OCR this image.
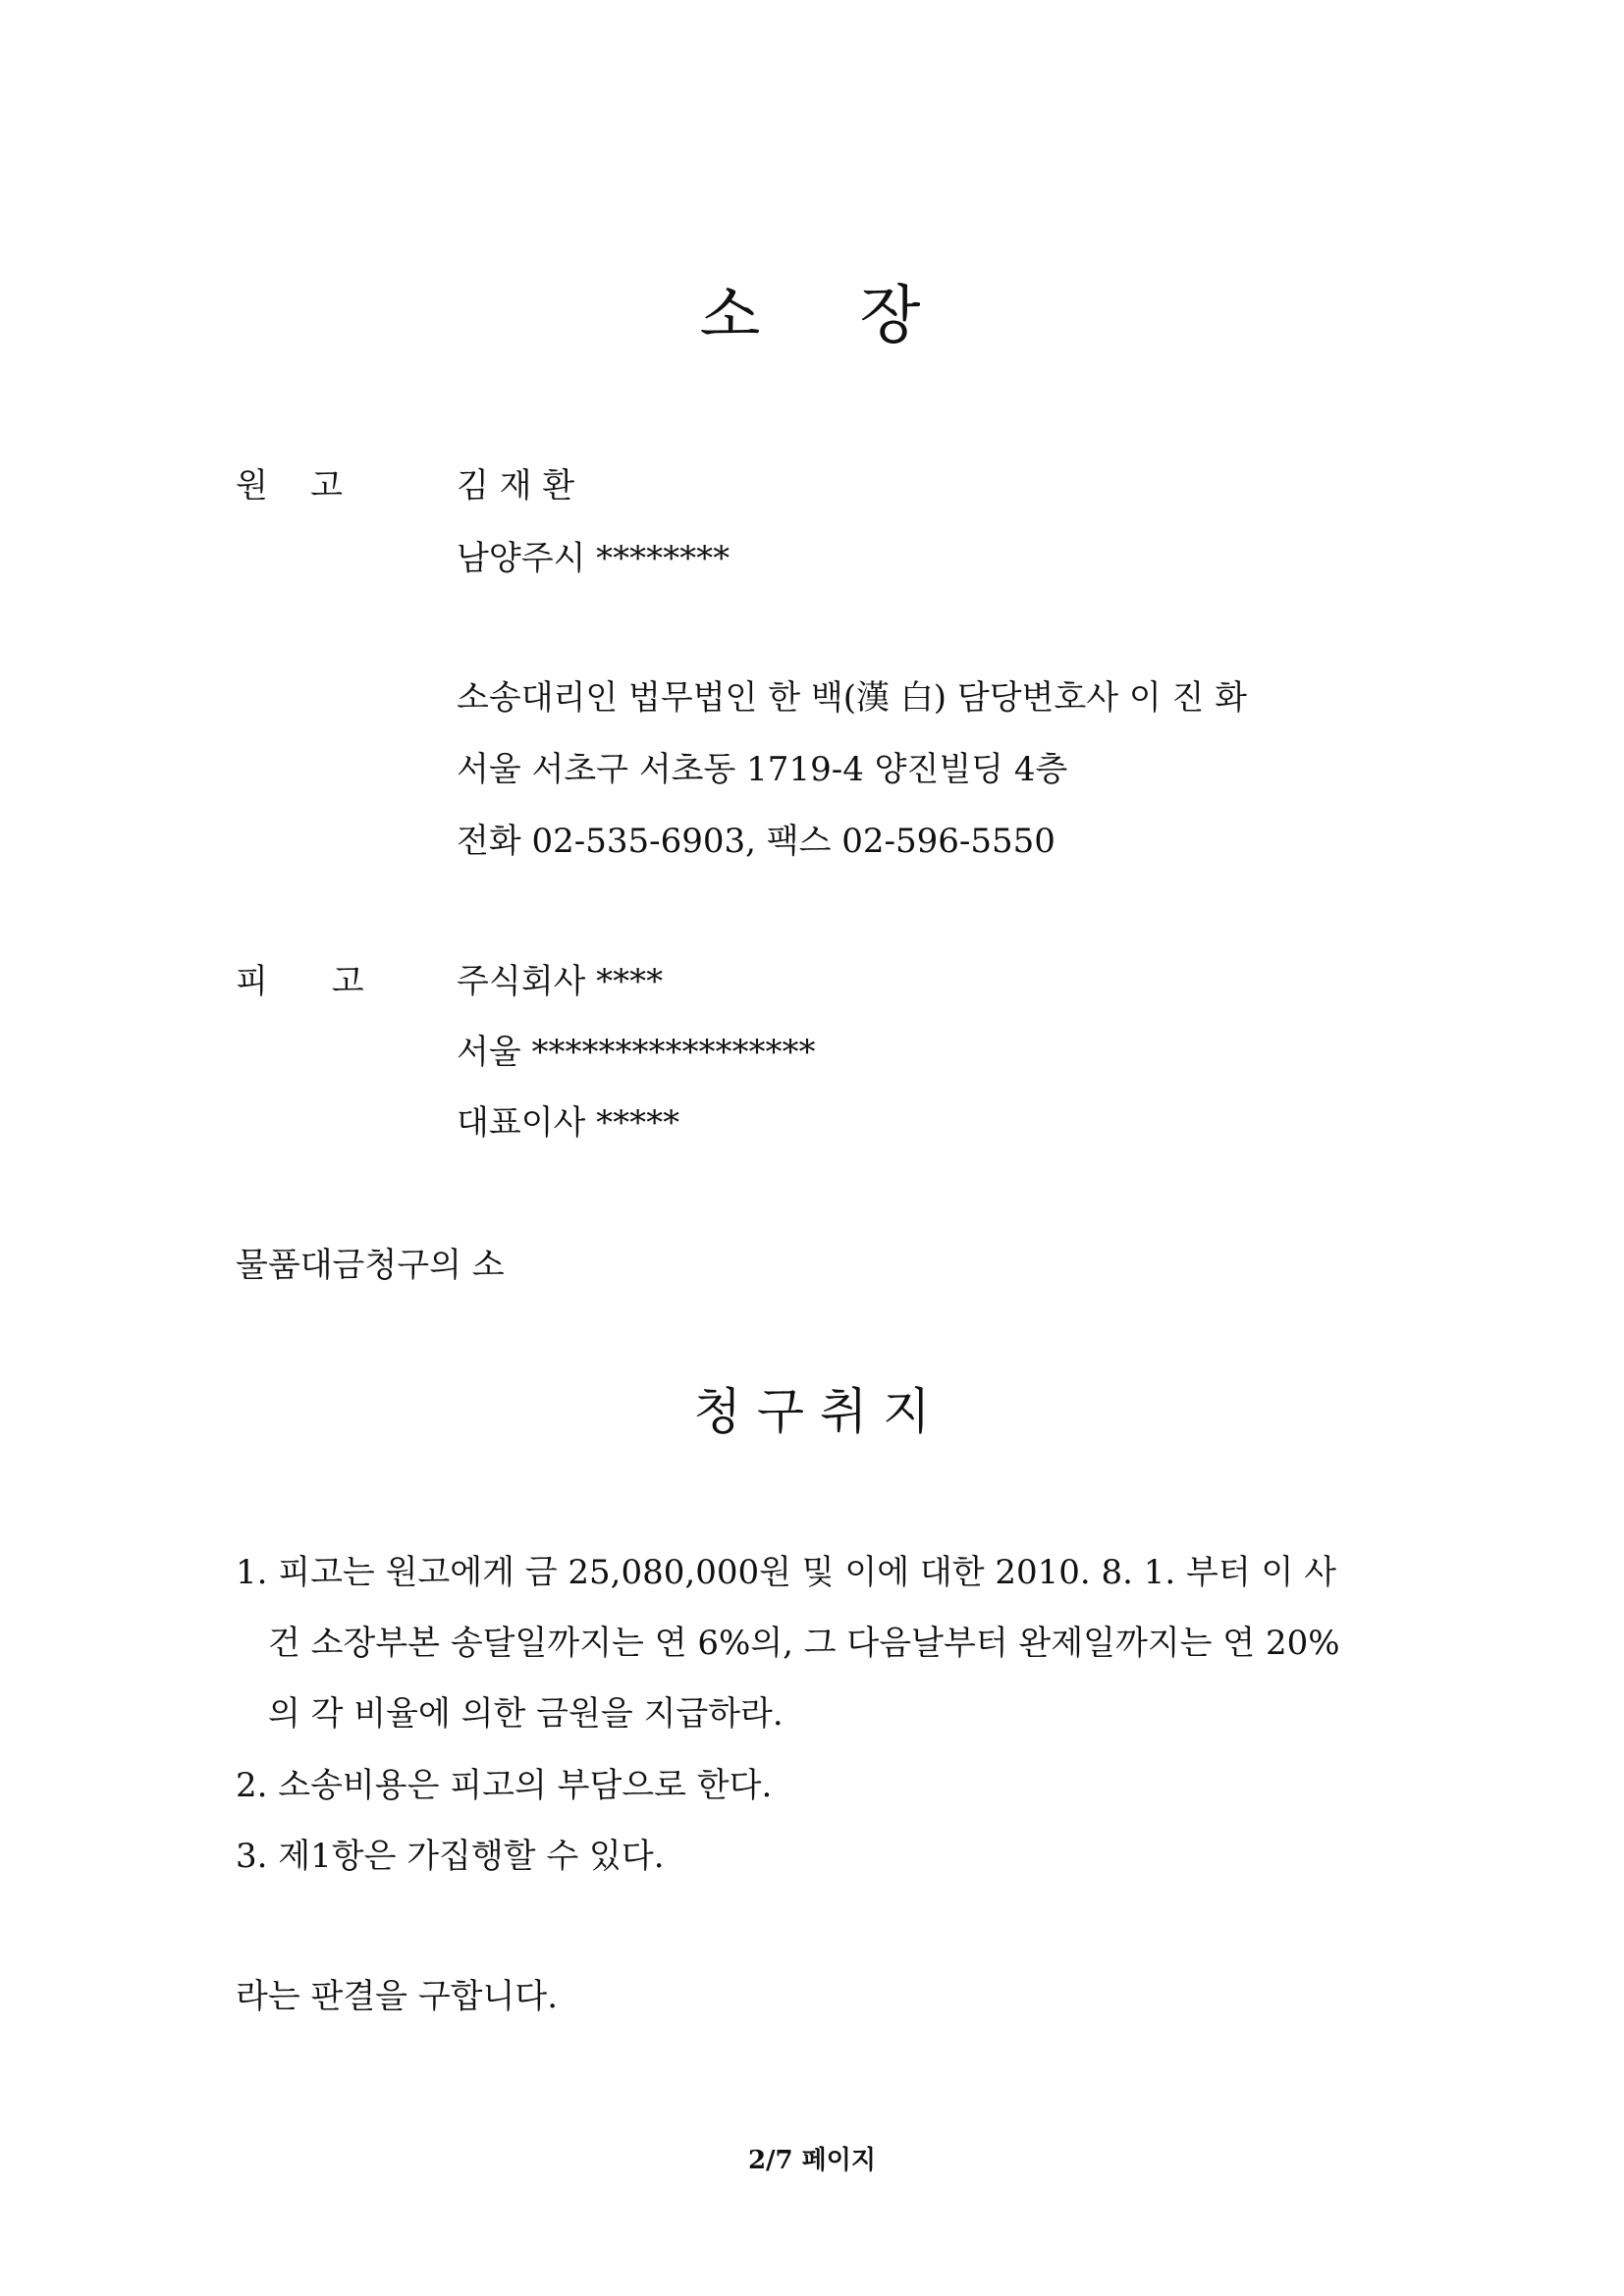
소    장
원    고	김 재 환
남양주시 ********
소송대리인 법무법인 한 백(漢 白) 담당변호사 이 진 화
서울 서초구 서초동 1719-4 양진빌딩 4층
전화 02-535-6903, 팩스 02-596-5550
피      고	주식회사 ****
서울 *****************
대표이사 *****
물품대금청구의 소
청 구 취 지
1. 피고는 원고에게 금 25,080,000원 및 이에 대한 2010. 8. 1. 부터 이 사
건 소장부본 송달일까지는 연 6%의, 그 다음날부터 완제일까지는 연 20%
의 각 비율에 의한 금원을 지급하라.
2. 소송비용은 피고의 부담으로 한다.
3. 제1항은 가집행할 수 있다.
라는 판결을 구합니다.
2/7 페이지
